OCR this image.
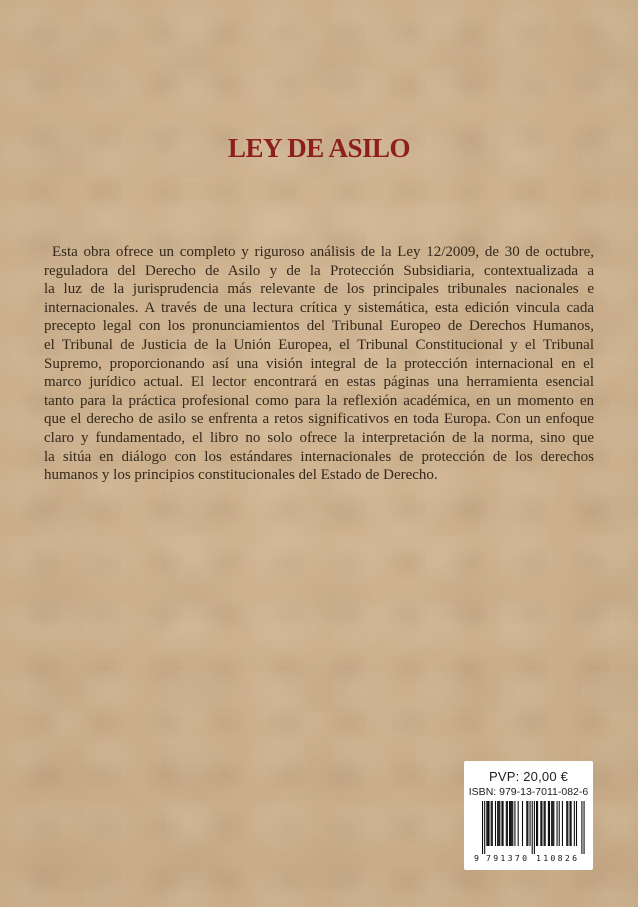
LEY DE ASILO
Esta obra ofrece un completo y riguroso análisis de la Ley 12/2009, de 30 de octubre,
reguladora del Derecho de Asilo y de la Protección Subsidiaria, contextualizada a
la luz de la jurisprudencia más relevante de los principales tribunales nacionales e
internacionales. A través de una lectura crítica y sistemática, esta edición vincula cada
precepto legal con los pronunciamientos del Tribunal Europeo de Derechos Humanos,
el Tribunal de Justicia de la Unión Europea, el Tribunal Constitucional y el Tribunal
Supremo, proporcionando así una visión integral de la protección internacional en el
marco jurídico actual. El lector encontrará en estas páginas una herramienta esencial
tanto para la práctica profesional como para la reflexión académica, en un momento en
que el derecho de asilo se enfrenta a retos significativos en toda Europa. Con un enfoque
claro y fundamentado, el libro no solo ofrece la interpretación de la norma, sino que
la sitúa en diálogo con los estándares internacionales de protección de los derechos
humanos y los principios constitucionales del Estado de Derecho.
PVP: 20,00 €
ISBN: 979-13-7011-082-6
9 791370 110826
